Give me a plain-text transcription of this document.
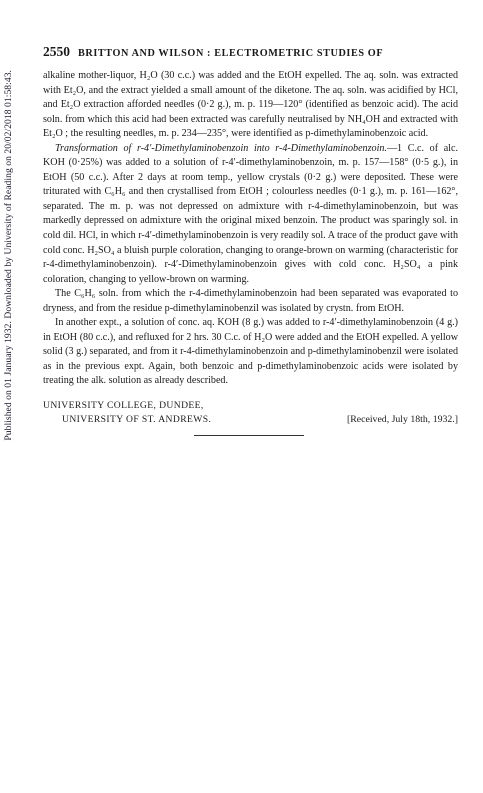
Published on 01 January 1932. Downloaded by University of Reading on 20/02/2018 01:58:43.
2550 BRITTON AND WILSON : ELECTROMETRIC STUDIES OF

alkaline mother-liquor, H₂O (30 c.c.) was added and the EtOH expelled. The aq. soln. was extracted with Et₂O, and the extract yielded a small amount of the diketone. The aq. soln. was acidified by HCl, and Et₂O extraction afforded needles (0·2 g.), m. p. 119—120° (identified as benzoic acid). The acid soln. from which this acid had been extracted was carefully neutralised by NH₄OH and extracted with Et₂O ; the resulting needles, m. p. 234—235°, were identified as p-dimethylaminobenzoic acid.

Transformation of r-4′-Dimethylaminobenzoin into r-4-Dimethylaminobenzoin.—1 C.c. of alc. KOH (0·25%) was added to a solution of r-4′-dimethylaminobenzoin, m. p. 157—158° (0·5 g.), in EtOH (50 c.c.). After 2 days at room temp., yellow crystals (0·2 g.) were deposited. These were triturated with C₆H₆ and then crystallised from EtOH ; colourless needles (0·1 g.), m. p. 161—162°, separated. The m. p. was not depressed on admixture with r-4-dimethylaminobenzoin, but was markedly depressed on admixture with the original mixed benzoin. The product was sparingly sol. in cold dil. HCl, in which r-4′-dimethylaminobenzoin is very readily sol. A trace of the product gave with cold conc. H₂SO₄ a bluish purple coloration, changing to orange-brown on warming (characteristic for r-4-dimethylaminobenzoin). r-4′-Dimethylaminobenzoin gives with cold conc. H₂SO₄ a pink coloration, changing to yellow-brown on warming.

The C₆H₆ soln. from which the r-4-dimethylaminobenzoin had been separated was evaporated to dryness, and from the residue p-dimethylaminobenzil was isolated by crystn. from EtOH.

In another expt., a solution of conc. aq. KOH (8 g.) was added to r-4′-dimethylaminobenzoin (4 g.) in EtOH (80 c.c.), and refluxed for 2 hrs. 30 C.c. of H₂O were added and the EtOH expelled. A yellow solid (3 g.) separated, and from it r-4-dimethylaminobenzoin and p-dimethylaminobenzil were isolated as in the previous expt. Again, both benzoic and p-dimethylaminobenzoic acids were isolated by treating the alk. solution as already described.

UNIVERSITY COLLEGE, DUNDEE,
UNIVERSITY OF ST. ANDREWS.	[Received, July 18th, 1932.]
